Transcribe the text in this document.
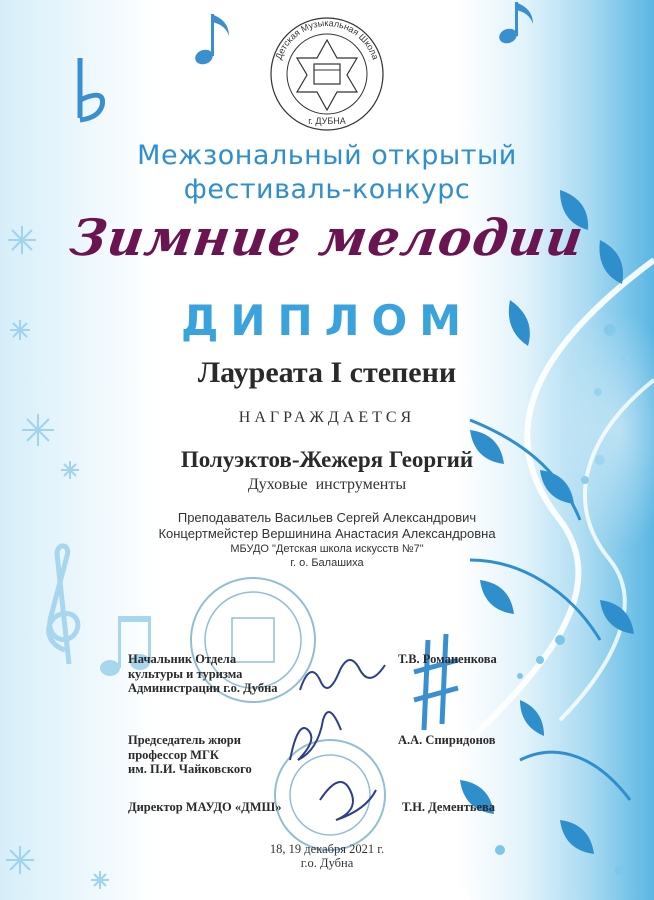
Детская Музыкальная Школа
г. ДУБНА
Межзональный открытый
фестиваль-конкурс
Зимние мелодии
ДИПЛОМ
Лауреата I степени
НАГРАЖДАЕТСЯ
Полуэктов-Жежеря Георгий
Духовые инструменты
Преподаватель Васильев Сергей Александрович
Концертмейстер Вершинина Анастасия Александровна
МБУДО "Детская школа искусств №7"
г. о. Балашиха
Начальник Отдела
культуры и туризма
Администрации г.о. Дубна
Т.В. Романенкова
Председатель жюри
профессор МГК
им. П.И. Чайковского
А.А. Спиридонов
Директор МАУДО «ДМШ»	Т.Н. Дементьева
18, 19 декабря 2021 г.
г.о. Дубна
